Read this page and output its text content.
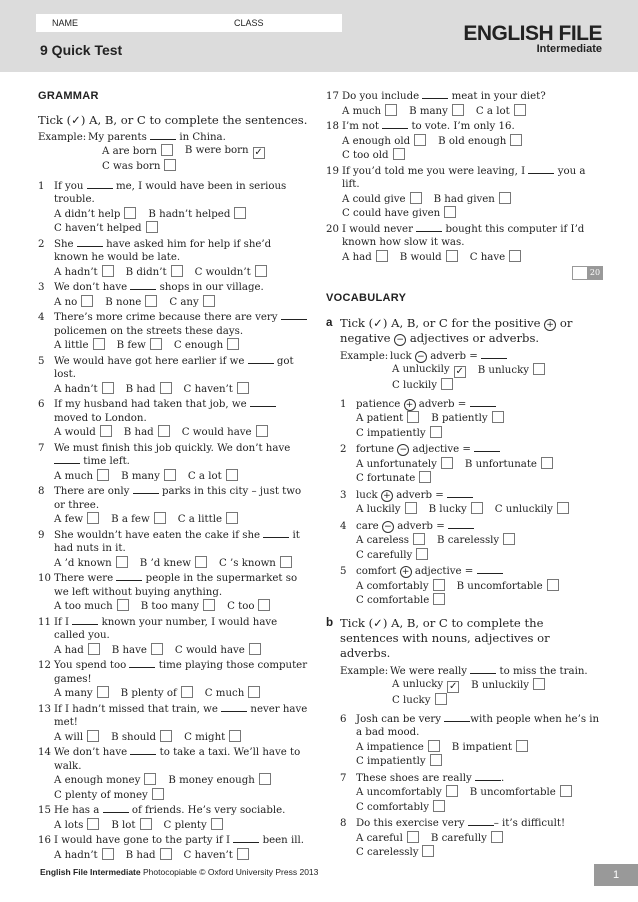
NAME	CLASS
9 Quick Test
ENGLISH FILE
Intermediate
GRAMMAR
Tick (✓) A, B, or C to complete the sentences.
Example: My parents	in China.
A are born	B were born ✓
C was born
1 If you	me, I would have been in serious trouble.
A didn’t help	B hadn’t helped
C haven’t helped
2 She	have asked him for help if she’d known he would be late.
A hadn’t	B didn’t	C wouldn’t
3 We don’t have	shops in our village.
A no	B none	C any
4 There’s more crime because there are very  policemen on the streets these days.
A little	B few	C enough
5 We would have got here earlier if we	got lost.
A hadn’t	B had	C haven’t
6 If my husband had taken that job, we  moved to London.
A would	B had	C would have
7 We must finish this job quickly. We don’t have  time left.
A much	B many	C a lot
8 There are only	parks in this city – just two or three.
A few	B a few	C a little
9 She wouldn’t have eaten the cake if she	it had nuts in it.
A ’d known	B ’d knew	C ’s known
10 There were	people in the supermarket so we left without buying anything.
A too much	B too many	C too
11 If I	known your number, I would have called you.
A had	B have	C would have
12 You spend too	time playing those computer games!
A many	B plenty of	C much
13 If I hadn’t missed that train, we	never have met!
A will	B should	C might
14 We don’t have	to take a taxi. We’ll have to walk.
A enough money	B money enough
C plenty of money
15 He has a	of friends. He’s very sociable.
A lots	B lot	C plenty
16 I would have gone to the party if I	been ill.
A hadn’t	B had	C haven’t
17 Do you include	meat in your diet?
A much	B many	C a lot
18 I’m not	to vote. I’m only 16.
A enough old	B old enough
C too old
19 If you’d told me you were leaving, I	you a lift.
A could give	B had given
C could have given
20 I would never	bought this computer if I’d known how slow it was.
A had	B would	C have
20
VOCABULARY
a Tick (✓) A, B, or C for the positive + or
negative − adjectives or adverbs.
Example: luck − adverb =
A unluckily ✓ B unlucky
C luckily
1 patience + adverb =
A patient	B patiently
C impatiently
2 fortune − adjective =
A unfortunately	B unfortunate
C fortunate
3 luck + adverb =
A luckily	B lucky	C unluckily
4 care − adverb =
A careless	B carelessly
C carefully
5 comfort + adjective =
A comfortably	B uncomfortable
C comfortable
b Tick (✓) A, B, or C to complete the sentences with nouns, adjectives or adverbs.
Example: We were really	to miss the train.
A unlucky ✓ B unluckily
C lucky
6 Josh can be very	with people when he’s in a bad mood.
A impatience	B impatient
C impatiently
7 These shoes are really	.
A uncomfortably	B uncomfortable
C comfortably
8 Do this exercise very	– it’s difficult!
A careful	B carefully
C carelessly
English File Intermediate Photocopiable © Oxford University Press 2013	1
